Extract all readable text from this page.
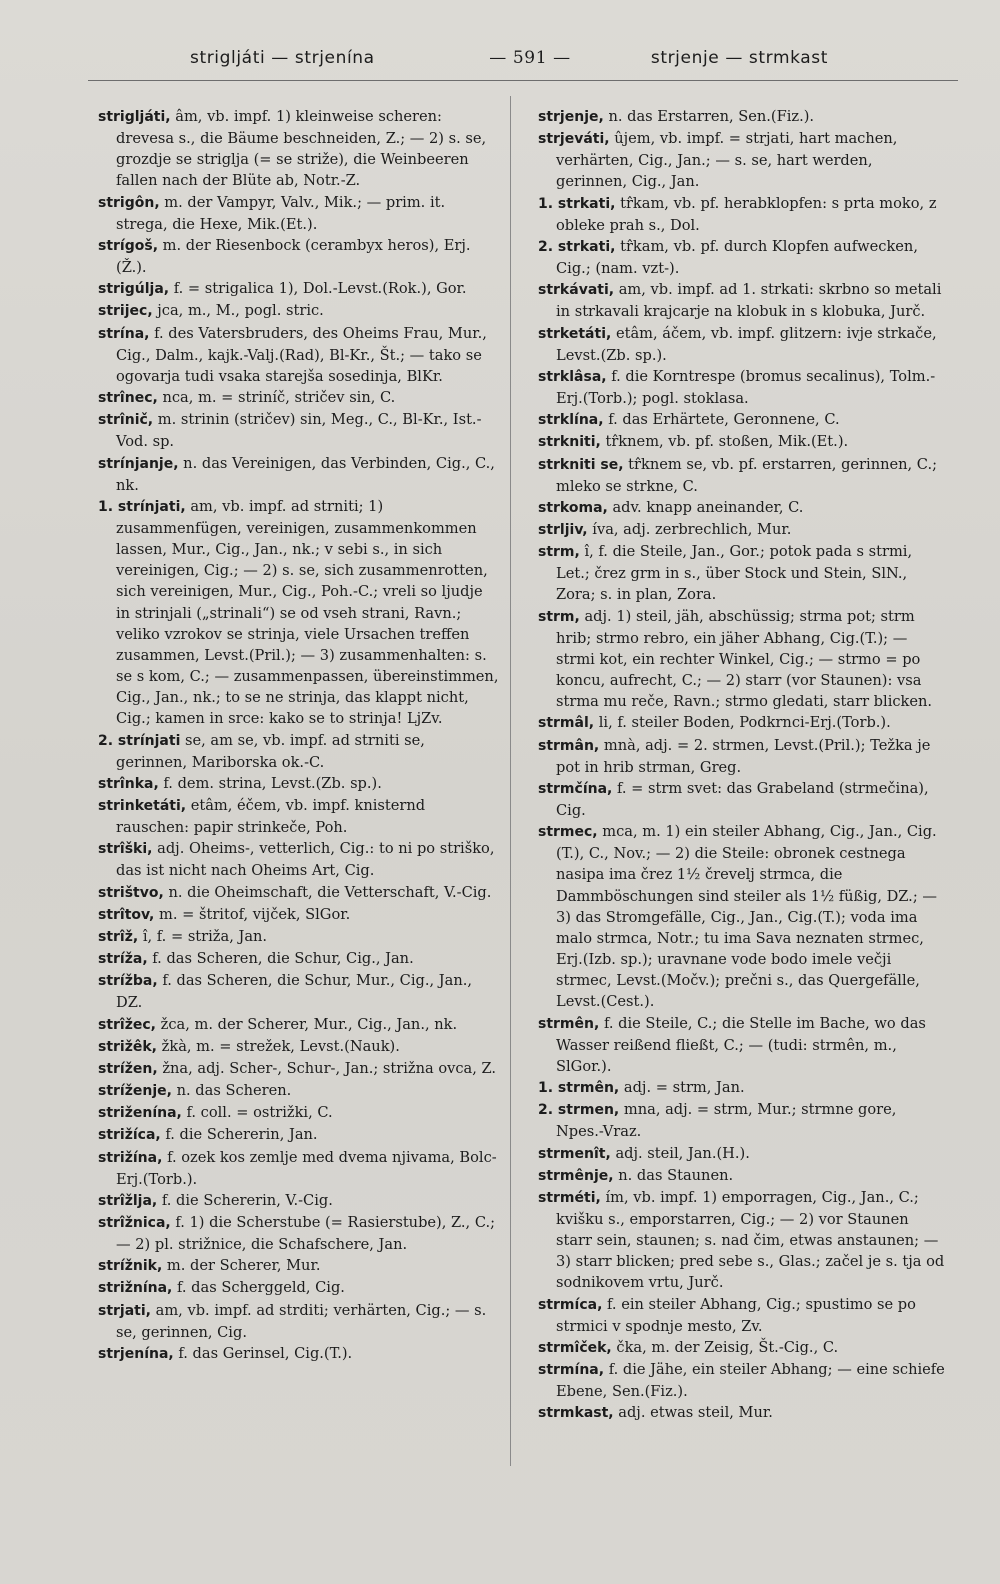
striglјáti — strjenína	— 591 —	strjenje — strmkast

striglјáti, âm, vb. impf. 1) kleinweise scheren: drevesa s., die Bäume beschneiden, Z.; — 2) s. se, grozdje se striglja (= se striže), die Weinbeeren fallen nach der Blüte ab, Notr.-Z.

strigôn, m. der Vampyr, Valv., Mik.; — prim. it. strega, die Hexe, Mik.(Et.).

strígoš, m. der Riesenbock (cerambyx heros), Erj.(Ž.).

strigúlja, f. = strigalica 1), Dol.-Levst.(Rok.), Gor.

strijec, jca, m., M., pogl. stric.

strína, f. des Vatersbruders, des Oheims Frau, Mur., Cig., Dalm., kajk.-Valj.(Rad), Bl-Kr., Št.; — tako se ogovarja tudi vsaka starejša sosedinja, BlKr.

strînec, nca, m. = striníč, stričev sin, C.

strînič, m. strinin (stričev) sin, Meg., C., Bl-Kr., Ist.-Vod. sp.

strínjanje, n. das Vereinigen, das Verbinden, Cig., C., nk.

1. strínjati, am, vb. impf. ad strniti; 1) zusammenfügen, vereinigen, zusammenkommen lassen, Mur., Cig., Jan., nk.; v sebi s., in sich vereinigen, Cig.; — 2) s. se, sich zusammenrotten, sich vereinigen, Mur., Cig., Poh.-C.; vreli so ljudje in strinjali („strinali“) se od vseh strani, Ravn.; veliko vzrokov se strinja, viele Ursachen treffen zusammen, Levst.(Pril.); — 3) zusammenhalten: s. se s kom, C.; — zusammenpassen, übereinstimmen, Cig., Jan., nk.; to se ne strinja, das klappt nicht, Cig.; kamen in srce: kako se to strinja! LjZv.

2. strínjati se, am se, vb. impf. ad strniti se, gerinnen, Mariborska ok.-C.

strînka, f. dem. strina, Levst.(Zb. sp.).

strinketáti, etâm, éčem, vb. impf. knisternd rauschen: papir strinkeče, Poh.

strîški, adj. Oheims-, vetterlich, Cig.: to ni po striško, das ist nicht nach Oheims Art, Cig.

strištvo, n. die Oheimschaft, die Vetterschaft, V.-Cig.

strîtov, m. = štritof, vijček, SlGor.

strîž, î, f. = striža, Jan.

stríža, f. das Scheren, die Schur, Cig., Jan.

strížba, f. das Scheren, die Schur, Mur., Cig., Jan., DZ.

strîžec, žca, m. der Scherer, Mur., Cig., Jan., nk.

strižêk, žkà, m. = strežek, Levst.(Nauk).

strížen, žna, adj. Scher-, Schur-, Jan.; strižna ovca, Z.

stríženje, n. das Scheren.

striženína, f. coll. = ostrižki, C.

strižíca, f. die Schererin, Jan.

strižína, f. ozek kos zemlje med dvema njivama, Bolc-Erj.(Torb.).

strîžlja, f. die Schererin, V.-Cig.

strîžnica, f. 1) die Scherstube (= Rasierstube), Z., C.; — 2) pl. strižnice, die Schafschere, Jan.

strížnik, m. der Scherer, Mur.

strižnína, f. das Scherggeld, Cig.

strjati, am, vb. impf. ad strditi; verhärten, Cig.; — s. se, gerinnen, Cig.

strjenína, f. das Gerinsel, Cig.(T.).

strjenje, n. das Erstarren, Sen.(Fiz.).

strjeváti, ûjem, vb. impf. = strjati, hart machen, verhärten, Cig., Jan.; — s. se, hart werden, gerinnen, Cig., Jan.

1. strkati, tr̂kam, vb. pf. herabklopfen: s prta moko, z obleke prah s., Dol.

2. strkati, tr̂kam, vb. pf. durch Klopfen aufwecken, Cig.; (nam. vzt-).

strkávati, am, vb. impf. ad 1. strkati: skrbno so metali in strkavali krajcarje na klobuk in s klobuka, Jurč.

strketáti, etâm, áčem, vb. impf. glitzern: ivje strkače, Levst.(Zb. sp.).

strklâsa, f. die Korntrespe (bromus secalinus), Tolm.-Erj.(Torb.); pogl. stoklasa.

strklína, f. das Erhärtete, Geronnene, C.

strkniti, tr̂knem, vb. pf. stoßen, Mik.(Et.).

strkniti se, tr̂knem se, vb. pf. erstarren, gerinnen, C.; mleko se strkne, C.

strkoma, adv. knapp aneinander, C.

strljiv, íva, adj. zerbrechlich, Mur.

strm, î, f. die Steile, Jan., Gor.; potok pada s strmi, Let.; črez grm in s., über Stock und Stein, SlN., Zora; s. in plan, Zora.

strm, adj. 1) steil, jäh, abschüssig; strma pot; strm hrib; strmo rebro, ein jäher Abhang, Cig.(T.); — strmi kot, ein rechter Winkel, Cig.; — strmo = po koncu, aufrecht, C.; — 2) starr (vor Staunen): vsa strma mu reče, Ravn.; strmo gledati, starr blicken.

strmâl, li, f. steiler Boden, Podkrnci-Erj.(Torb.).

strmân, mnà, adj. = 2. strmen, Levst.(Pril.); Težka je pot in hrib strman, Greg.

strmčína, f. = strm svet: das Grabeland (strmečina), Cig.

strmec, mca, m. 1) ein steiler Abhang, Cig., Jan., Cig.(T.), C., Nov.; — 2) die Steile: obronek cestnega nasipa ima črez 1½ črevelj strmca, die Dammböschungen sind steiler als 1½ füßig, DZ.; — 3) das Stromgefälle, Cig., Jan., Cig.(T.); voda ima malo strmca, Notr.; tu ima Sava neznaten strmec, Erj.(Izb. sp.); uravnane vode bodo imele večji strmec, Levst.(Močv.); prečni s., das Quergefälle, Levst.(Cest.).

strmên, f. die Steile, C.; die Stelle im Bache, wo das Wasser reißend fließt, C.; — (tudi: strmên, m., SlGor.).

1. strmên, adj. = strm, Jan.

2. strmen, mna, adj. = strm, Mur.; strmne gore, Npes.-Vraz.

strmenît, adj. steil, Jan.(H.).

strmênje, n. das Staunen.

strméti, ím, vb. impf. 1) emporragen, Cig., Jan., C.; kvišku s., emporstarren, Cig.; — 2) vor Staunen starr sein, staunen; s. nad čim, etwas anstaunen; — 3) starr blicken; pred sebe s., Glas.; začel je s. tja od sodnikovem vrtu, Jurč.

strmíca, f. ein steiler Abhang, Cig.; spustimo se po strmici v spodnje mesto, Zv.

strmîček, čka, m. der Zeisig, Št.-Cig., C.

strmína, f. die Jähe, ein steiler Abhang; — eine schiefe Ebene, Sen.(Fiz.).

strmkast, adj. etwas steil, Mur.
